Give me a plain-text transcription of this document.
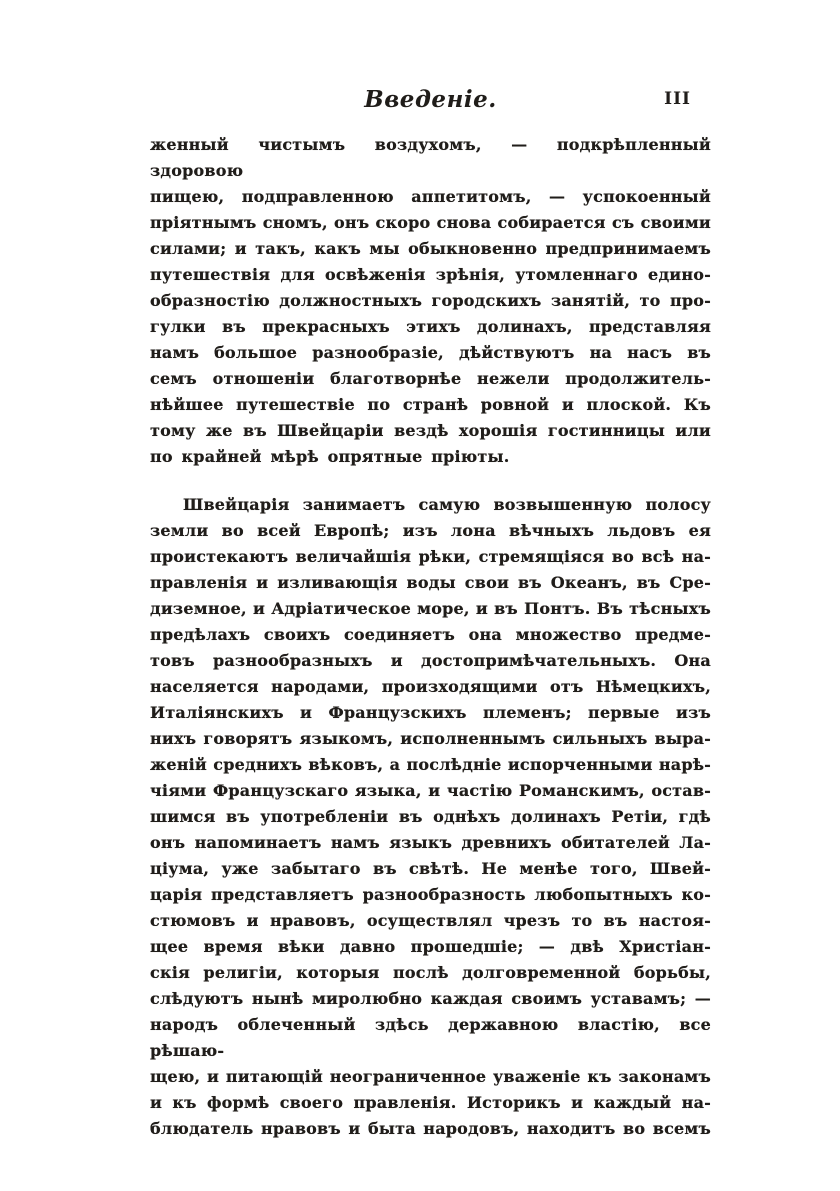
Введеніе.	III
женный чистымъ воздухомъ, — подкрѣпленный здоровою
пищею, подправленною аппетитомъ, — успокоенный
пріятнымъ сномъ, онъ скоро снова собирается съ своими
силами; и такъ, какъ мы обыкновенно предпринимаемъ
путешествія для освѣженія зрѣнія, утомленнаго едино-
образностію должностныхъ городскихъ занятій, то про-
гулки въ прекрасныхъ этихъ долинахъ, представляя
намъ большое разнообразіе, дѣйствуютъ на насъ въ
семъ отношеніи благотворнѣе нежели продолжитель-
нѣйшее путешествіе по странѣ ровной и плоской. Къ
тому же въ Швейцаріи вездѣ хорошія гостинницы или
по крайней мѣрѣ опрятные пріюты.
Швейцарія занимаетъ самую возвышенную полосу
земли во всей Европѣ; изъ лона вѣчныхъ льдовъ ея
проистекаютъ величайшія рѣки, стремящіяся во всѣ на-
правленія и изливающія воды свои въ Океанъ, въ Сре-
диземное, и Адріатическое море, и въ Понтъ. Въ тѣсныхъ
предѣлахъ своихъ соединяетъ она множество предме-
товъ разнообразныхъ и достопримѣчательныхъ. Она
населяется народами, произходящими отъ Нѣмецкихъ,
Италіянскихъ и Французскихъ племенъ; первые изъ
нихъ говорятъ языкомъ, исполненнымъ сильныхъ выра-
женій среднихъ вѣковъ, а послѣдніе испорченными нарѣ-
чіями Французскаго языка, и частію Романскимъ, остав-
шимся въ употребленіи въ однѣхъ долинахъ Ретіи, гдѣ
онъ напоминаетъ намъ языкъ древнихъ обитателей Ла-
ціума, уже забытаго въ свѣтѣ. Не менѣе того, Швей-
царія представляетъ разнообразность любопытныхъ ко-
стюмовъ и нравовъ, осуществлял чрезъ то въ настоя-
щее время вѣки давно прошедшіе; — двѣ Христіан-
скія религіи, которыя послѣ долговременной борьбы,
слѣдуютъ нынѣ миролюбно каждая своимъ уставамъ; —
народъ облеченный здѣсь державною властію, все рѣшаю-
щею, и питающій неограниченное уваженіе къ законамъ
и къ формѣ своего правленія. Историкъ и каждый на-
блюдатель нравовъ и быта народовъ, находитъ во всемъ
